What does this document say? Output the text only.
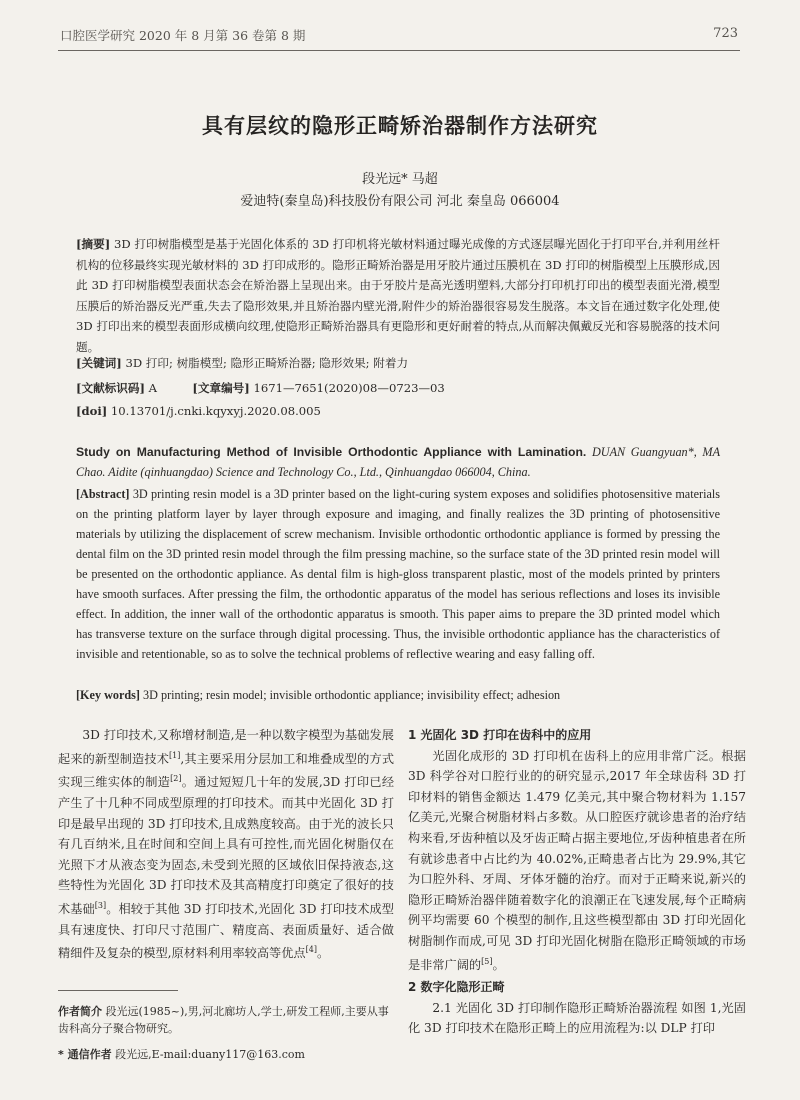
口腔医学研究 2020 年 8 月第 36 卷第 8 期	723
具有层纹的隐形正畸矫治器制作方法研究
段光远* 马超
爱迪特(秦皇岛)科技股份有限公司 河北 秦皇岛 066004
[摘要] 3D 打印树脂模型是基于光固化体系的 3D 打印机将光敏材料通过曝光成像的方式逐层曝光固化于打印平台,并利用丝杆机构的位移最终实现光敏材料的 3D 打印成形的。隐形正畸矫治器是用牙胶片通过压膜机在 3D 打印的树脂模型上压膜形成,因此 3D 打印树脂模型表面状态会在矫治器上呈现出来。由于牙胶片是高光透明塑料,大部分打印机打印出的模型表面光滑,模型压膜后的矫治器反光严重,失去了隐形效果,并且矫治器内壁光滑,附件少的矫治器很容易发生脱落。本文旨在通过数字化处理,使 3D 打印出来的模型表面形成横向纹理,使隐形正畸矫治器具有更隐形和更好耐着的特点,从而解决佩戴反光和容易脱落的技术问题。
[关键词] 3D 打印; 树脂模型; 隐形正畸矫治器; 隐形效果; 附着力
[文献标识码] A	[文章编号] 1671—7651(2020)08—0723—03
[doi] 10.13701/j.cnki.kqyxyj.2020.08.005
Study on Manufacturing Method of Invisible Orthodontic Appliance with Lamination. DUAN Guangyuan*, MA Chao. Aidite (qinhuangdao) Science and Technology Co., Ltd., Qinhuangdao 066004, China.
[Abstract] 3D printing resin model is a 3D printer based on the light-curing system exposes and solidifies photosensitive materials on the printing platform layer by layer through exposure and imaging, and finally realizes the 3D printing of photosensitive materials by utilizing the displacement of screw mechanism. Invisible orthodontic orthodontic appliance is formed by pressing the dental film on the 3D printed resin model through the film pressing machine, so the surface state of the 3D printed resin model will be presented on the orthodontic appliance. As dental film is high-gloss transparent plastic, most of the models printed by printers have smooth surfaces. After pressing the film, the orthodontic apparatus of the model has serious reflections and loses its invisible effect. In addition, the inner wall of the orthodontic apparatus is smooth. This paper aims to prepare the 3D printed model which has transverse texture on the surface through digital processing. Thus, the invisible orthodontic appliance has the characteristics of invisible and retentionable, so as to solve the technical problems of reflective wearing and easy falling off.
[Key words] 3D printing; resin model; invisible orthodontic appliance; invisibility effect; adhesion
3D 打印技术,又称增材制造,是一种以数字模型为基础发展起来的新型制造技术[1],其主要采用分层加工和堆叠成型的方式实现三维实体的制造[2]。通过短短几十年的发展,3D 打印已经产生了十几种不同成型原理的打印技术。而其中光固化 3D 打印是最早出现的 3D 打印技术,且成熟度较高。由于光的波长只有几百纳米,且在时间和空间上具有可控性,而光固化树脂仅在光照下才从液态变为固态,未受到光照的区域依旧保持液态,这些特性为光固化 3D 打印技术及其高精度打印奠定了很好的技术基础[3]。相较于其他 3D 打印技术,光固化 3D 打印技术成型具有速度快、打印尺寸范围广、精度高、表面质量好、适合做精细件及复杂的模型,原材料利用率较高等优点[4]。
作者简介 段光远(1985~),男,河北廊坊人,学士,研发工程师,主要从事齿科高分子聚合物研究。
* 通信作者 段光远,E-mail:duany117@163.com
1 光固化 3D 打印在齿科中的应用
光固化成形的 3D 打印机在齿科上的应用非常广泛。根据 3D 科学谷对口腔行业的的研究显示,2017 年全球齿科 3D 打印材料的销售金额达 1.479 亿美元,其中聚合物材料为 1.157 亿美元,光聚合树脂材料占多数。从口腔医疗就诊患者的治疗结构来看,牙齿种植以及牙齿正畸占据主要地位,牙齿种植患者在所有就诊患者中占比约为 40.02%,正畸患者占比为 29.9%,其它为口腔外科、牙周、牙体牙髓的治疗。而对于正畸来说,新兴的隐形正畸矫治器伴随着数字化的浪潮正在飞速发展,每个正畸病例平均需要 60 个模型的制作,且这些模型都由 3D 打印光固化树脂制作而成,可见 3D 打印光固化树脂在隐形正畸领域的市场是非常广阔的[5]。
2 数字化隐形正畸
2.1 光固化 3D 打印制作隐形正畸矫治器流程 如图 1,光固化 3D 打印技术在隐形正畸上的应用流程为:以 DLP 打印
